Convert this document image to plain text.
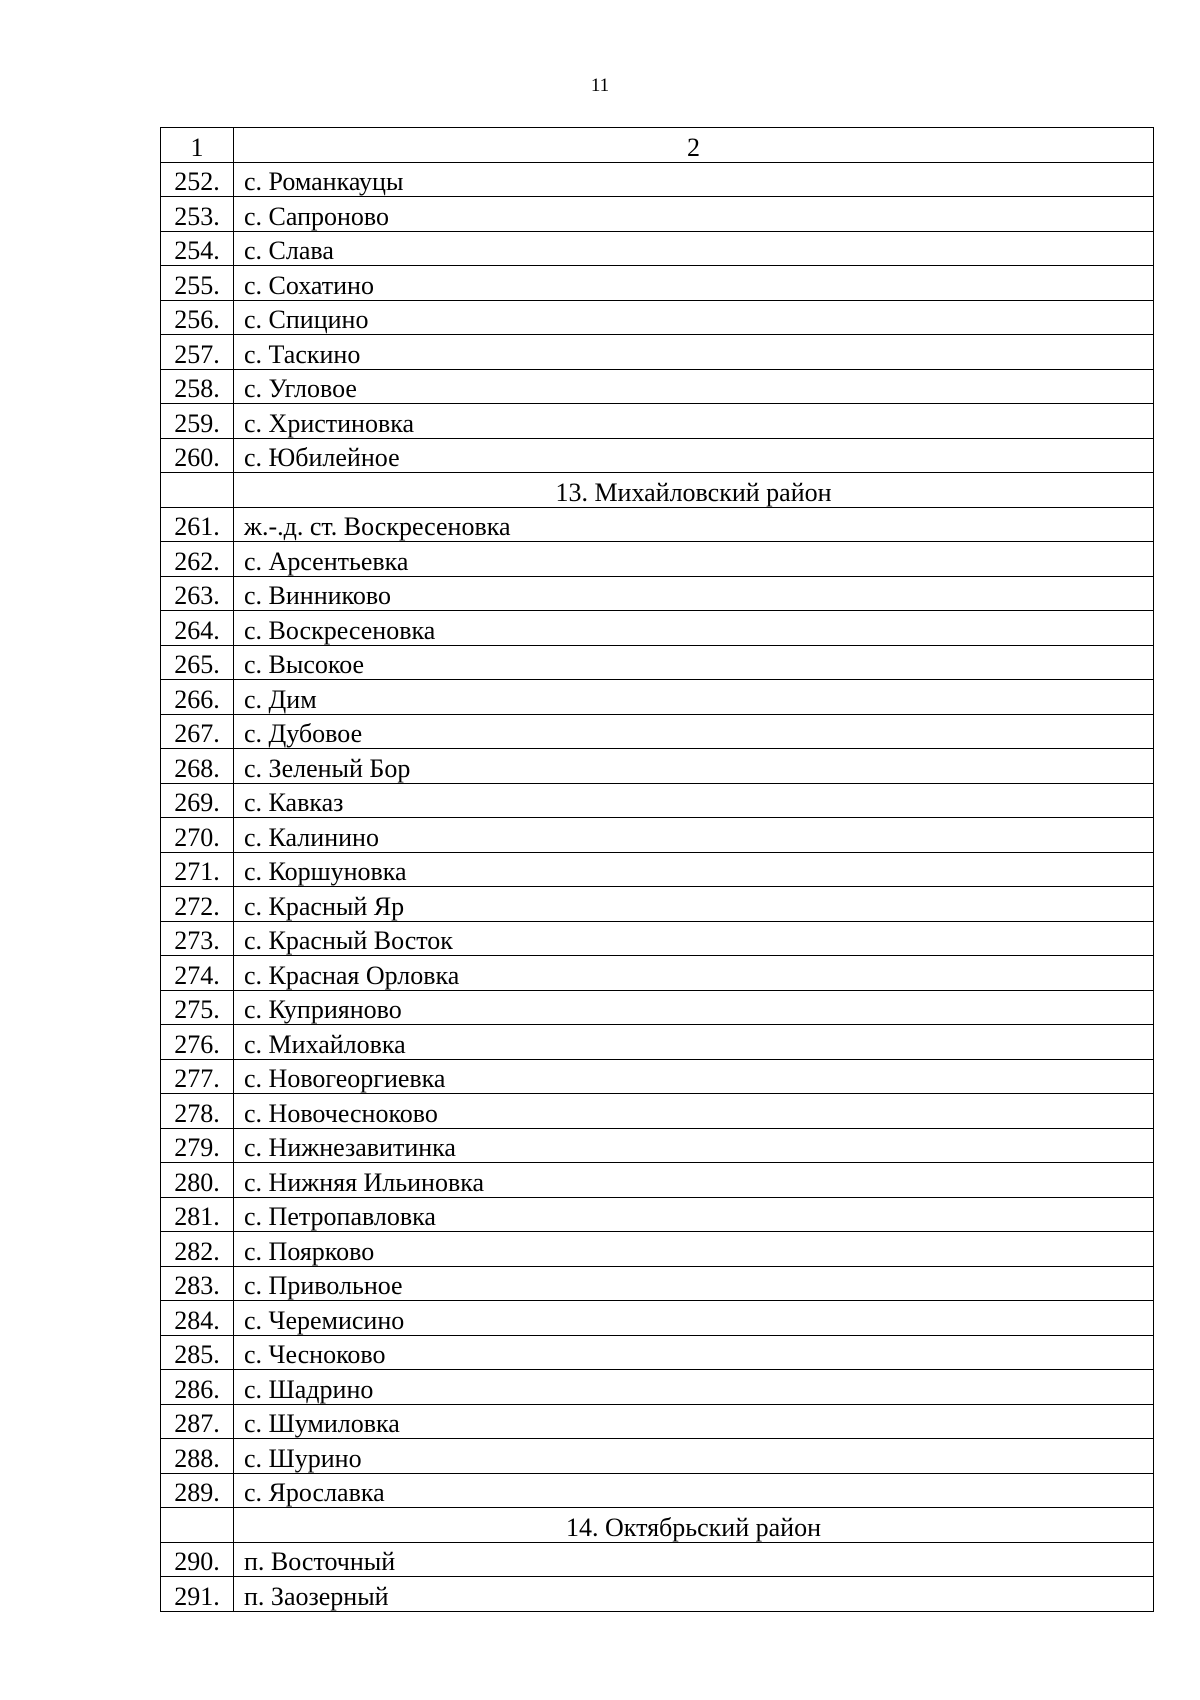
11
1	2
252.	с. Романкауцы
253.	с. Сапроново
254.	с. Слава
255.	с. Сохатино
256.	с. Спицино
257.	с. Таскино
258.	с. Угловое
259.	с. Христиновка
260.	с. Юбилейное
	13. Михайловский район
261.	ж.-.д. ст. Воскресеновка
262.	с. Арсентьевка
263.	с. Винниково
264.	с. Воскресеновка
265.	с. Высокое
266.	с. Дим
267.	с. Дубовое
268.	с. Зеленый Бор
269.	с. Кавказ
270.	с. Калинино
271.	с. Коршуновка
272.	с. Красный Яр
273.	с. Красный Восток
274.	с. Красная Орловка
275.	с. Куприяново
276.	с. Михайловка
277.	с. Новогеоргиевка
278.	с. Новочесноково
279.	с. Нижнезавитинка
280.	с. Нижняя Ильиновка
281.	с. Петропавловка
282.	с. Поярково
283.	с. Привольное
284.	с. Черемисино
285.	с. Чесноково
286.	с. Шадрино
287.	с. Шумиловка
288.	с. Шурино
289.	с. Ярославка
	14. Октябрьский район
290.	п. Восточный
291.	п. Заозерный
